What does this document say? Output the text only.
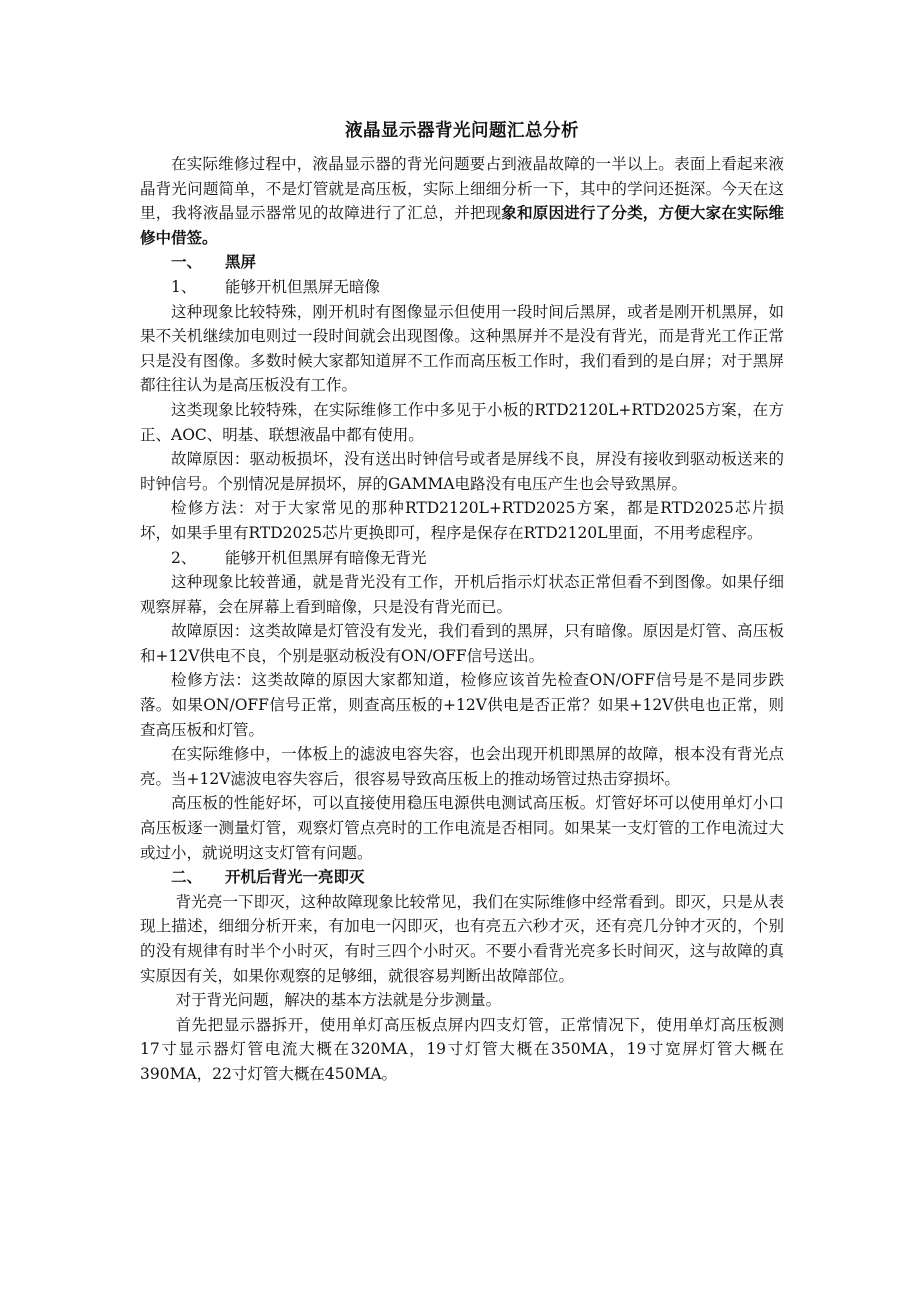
液晶显示器背光问题汇总分析

在实际维修过程中，液晶显示器的背光问题要占到液晶故障的一半以上。表面上看起来液晶背光问题简单，不是灯管就是高压板，实际上细细分析一下，其中的学问还挺深。今天在这里，我将液晶显示器常见的故障进行了汇总，并把现象和原因进行了分类，方便大家在实际维修中借签。

一、	黑屏
1、	能够开机但黑屏无暗像

这种现象比较特殊，刚开机时有图像显示但使用一段时间后黑屏，或者是刚开机黑屏，如果不关机继续加电则过一段时间就会出现图像。这种黑屏并不是没有背光，而是背光工作正常只是没有图像。多数时候大家都知道屏不工作而高压板工作时，我们看到的是白屏；对于黑屏都往往认为是高压板没有工作。

这类现象比较特殊，在实际维修工作中多见于小板的RTD2120L+RTD2025方案，在方正、AOC、明基、联想液晶中都有使用。

故障原因：驱动板损坏，没有送出时钟信号或者是屏线不良，屏没有接收到驱动板送来的时钟信号。个别情况是屏损坏，屏的GAMMA电路没有电压产生也会导致黑屏。

检修方法：对于大家常见的那种RTD2120L+RTD2025方案，都是RTD2025芯片损坏，如果手里有RTD2025芯片更换即可，程序是保存在RTD2120L里面，不用考虑程序。

2、	能够开机但黑屏有暗像无背光

这种现象比较普通，就是背光没有工作，开机后指示灯状态正常但看不到图像。如果仔细观察屏幕，会在屏幕上看到暗像，只是没有背光而已。

故障原因：这类故障是灯管没有发光，我们看到的黑屏，只有暗像。原因是灯管、高压板和+12V供电不良，个别是驱动板没有ON/OFF信号送出。

检修方法：这类故障的原因大家都知道，检修应该首先检查ON/OFF信号是不是同步跌落。如果ON/OFF信号正常，则查高压板的+12V供电是否正常？如果+12V供电也正常，则查高压板和灯管。

在实际维修中，一体板上的滤波电容失容，也会出现开机即黑屏的故障，根本没有背光点亮。当+12V滤波电容失容后，很容易导致高压板上的推动场管过热击穿损坏。

高压板的性能好坏，可以直接使用稳压电源供电测试高压板。灯管好坏可以使用单灯小口高压板逐一测量灯管，观察灯管点亮时的工作电流是否相同。如果某一支灯管的工作电流过大或过小，就说明这支灯管有问题。

二、	开机后背光一亮即灭

背光亮一下即灭，这种故障现象比较常见，我们在实际维修中经常看到。即灭，只是从表现上描述，细细分析开来，有加电一闪即灭，也有亮五六秒才灭，还有亮几分钟才灭的，个别的没有规律有时半个小时灭，有时三四个小时灭。不要小看背光亮多长时间灭，这与故障的真实原因有关，如果你观察的足够细，就很容易判断出故障部位。

对于背光问题，解决的基本方法就是分步测量。

首先把显示器拆开，使用单灯高压板点屏内四支灯管，正常情况下，使用单灯高压板测17寸显示器灯管电流大概在320MA，19寸灯管大概在350MA，19寸宽屏灯管大概在390MA，22寸灯管大概在450MA。
